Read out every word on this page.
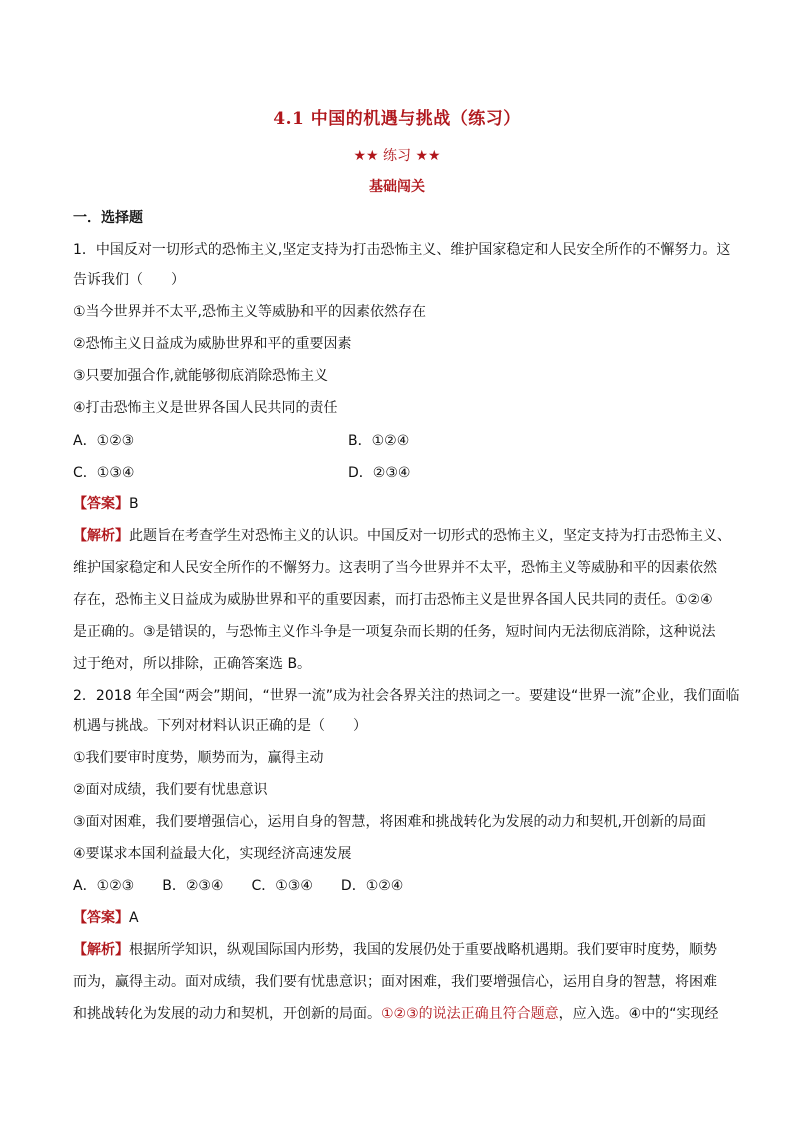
4.1 中国的机遇与挑战（练习）
★★ 练习 ★★
基础闯关
一．选择题
1．中国反对一切形式的恐怖主义,坚定支持为打击恐怖主义、维护国家稳定和人民安全所作的不懈努力。这
告诉我们（　　）
①当今世界并不太平,恐怖主义等威胁和平的因素依然存在
②恐怖主义日益成为威胁世界和平的重要因素
③只要加强合作,就能够彻底消除恐怖主义
④打击恐怖主义是世界各国人民共同的责任
A．①②③	B．①②④
C．①③④	D．②③④
【答案】B
【解析】此题旨在考查学生对恐怖主义的认识。中国反对一切形式的恐怖主义，坚定支持为打击恐怖主义、
维护国家稳定和人民安全所作的不懈努力。这表明了当今世界并不太平，恐怖主义等威胁和平的因素依然
存在，恐怖主义日益成为威胁世界和平的重要因素，而打击恐怖主义是世界各国人民共同的责任。①②④
是正确的。③是错误的，与恐怖主义作斗争是一项复杂而长期的任务，短时间内无法彻底消除，这种说法
过于绝对，所以排除，正确答案选 B。
2．2018 年全国“两会”期间，“世界一流”成为社会各界关注的热词之一。要建设“世界一流”企业，我们面临
机遇与挑战。下列对材料认识正确的是（　　）
①我们要审时度势，顺势而为，赢得主动
②面对成绩，我们要有忧患意识
③面对困难，我们要增强信心，运用自身的智慧，将困难和挑战转化为发展的动力和契机,开创新的局面
④要谋求本国利益最大化，实现经济高速发展
A．①②③　　B．②③④　　C．①③④　　D．①②④
【答案】A
【解析】根据所学知识，纵观国际国内形势，我国的发展仍处于重要战略机遇期。我们要审时度势，顺势
而为，赢得主动。面对成绩，我们要有忧患意识；面对困难，我们要增强信心，运用自身的智慧，将困难
和挑战转化为发展的动力和契机，开创新的局面。①②③的说法正确且符合题意，应入选。④中的“实现经
